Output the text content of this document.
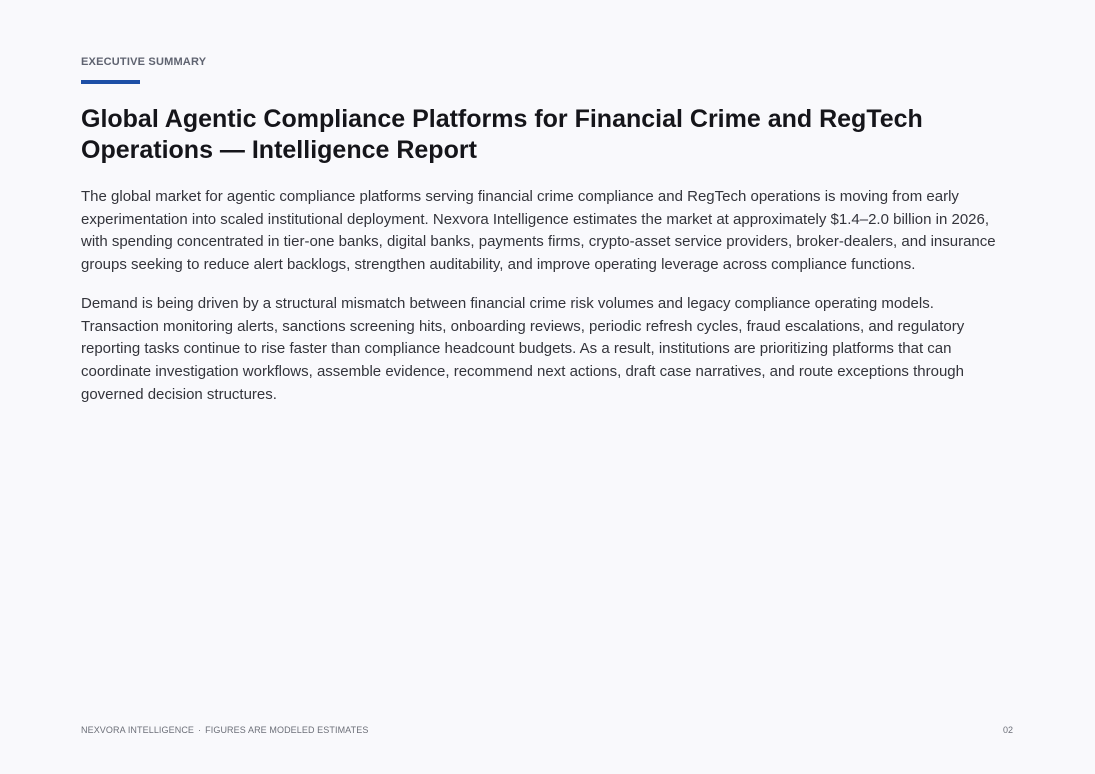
EXECUTIVE SUMMARY
Global Agentic Compliance Platforms for Financial Crime and RegTech Operations — Intelligence Report

The global market for agentic compliance platforms serving financial crime compliance and RegTech operations is moving from early experimentation into scaled institutional deployment. Nexvora Intelligence estimates the market at approximately $1.4–2.0 billion in 2026, with spending concentrated in tier-one banks, digital banks, payments firms, crypto-asset service providers, broker-dealers, and insurance groups seeking to reduce alert backlogs, strengthen auditability, and improve operating leverage across compliance functions.

Demand is being driven by a structural mismatch between financial crime risk volumes and legacy compliance operating models. Transaction monitoring alerts, sanctions screening hits, onboarding reviews, periodic refresh cycles, fraud escalations, and regulatory reporting tasks continue to rise faster than compliance headcount budgets. As a result, institutions are prioritizing platforms that can coordinate investigation workflows, assemble evidence, recommend next actions, draft case narratives, and route exceptions through governed decision structures.

NEXVORA INTELLIGENCE · FIGURES ARE MODELED ESTIMATES	02
